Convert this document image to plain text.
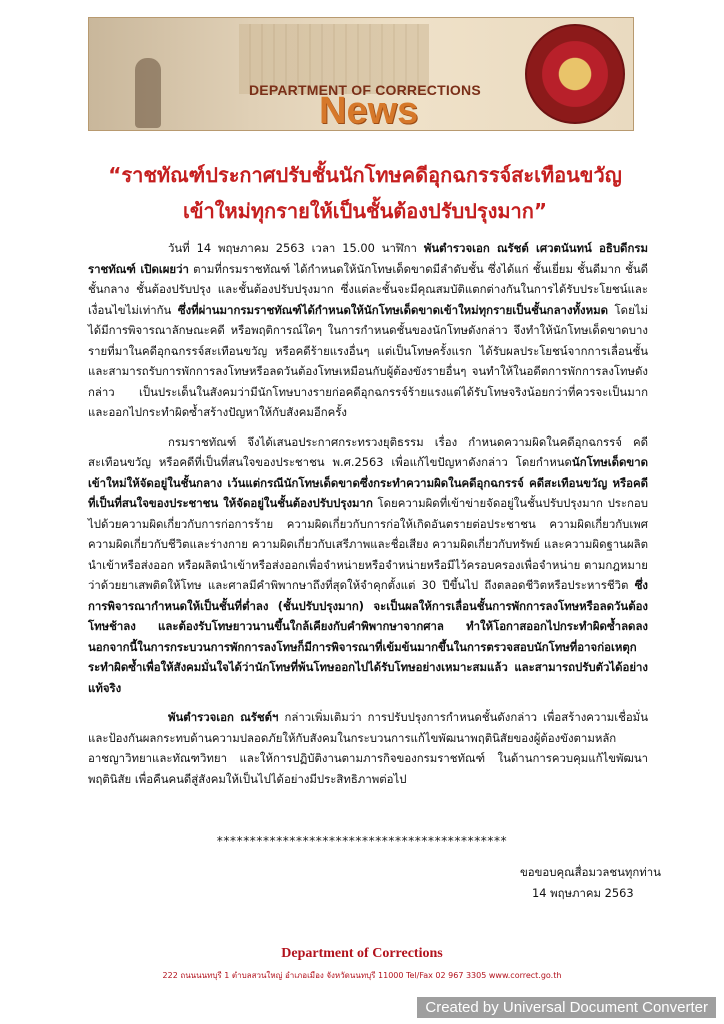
DEPARTMENT OF CORRECTIONS
News
“ราชทัณฑ์ประกาศปรับชั้นนักโทษคดีอุกฉกรรจ์สะเทือนขวัญ
เข้าใหม่ทุกรายให้เป็นชั้นต้องปรับปรุงมาก”

วันที่ 14 พฤษภาคม 2563 เวลา 15.00 นาฬิกา พันตำรวจเอก ณรัชต์ เศวตนันทน์ อธิบดีกรมราชทัณฑ์ เปิดเผยว่า ตามที่กรมราชทัณฑ์ ได้กำหนดให้นักโทษเด็ดขาดมีลำดับชั้น ซึ่งได้แก่ ชั้นเยี่ยม ชั้นดีมาก ชั้นดี ชั้นกลาง ชั้นต้องปรับปรุง และชั้นต้องปรับปรุงมาก ซึ่งแต่ละชั้นจะมีคุณสมบัติแตกต่างกันในการได้รับประโยชน์และเงื่อนไขไม่เท่ากัน ซึ่งที่ผ่านมากรมราชทัณฑ์ได้กำหนดให้นักโทษเด็ดขาดเข้าใหม่ทุกรายเป็นชั้นกลางทั้งหมด โดยไม่ได้มีการพิจารณาลักษณะคดี หรือพฤติการณ์ใดๆ ในการกำหนดชั้นของนักโทษดังกล่าว จึงทำให้นักโทษเด็ดขาดบางรายที่มาในคดีอุกฉกรรจ์สะเทือนขวัญ หรือคดีร้ายแรงอื่นๆ แต่เป็นโทษครั้งแรก ได้รับผลประโยชน์จากการเลื่อนชั้น และสามารถรับการพักการลงโทษหรือลดวันต้องโทษเหมือนกับผู้ต้องขังรายอื่นๆ จนทำให้ในอดีตการพักการลงโทษดังกล่าว เป็นประเด็นในสังคมว่ามีนักโทษบางรายก่อคดีอุกฉกรรจ์ร้ายแรงแต่ได้รับโทษจริงน้อยกว่าที่ควรจะเป็นมาก และออกไปกระทำผิดซ้ำสร้างปัญหาให้กับสังคมอีกครั้ง

กรมราชทัณฑ์ จึงได้เสนอประกาศกระทรวงยุติธรรม เรื่อง กำหนดความผิดในคดีอุกฉกรรจ์ คดีสะเทือนขวัญ หรือคดีที่เป็นที่สนใจของประชาชน พ.ศ.2563 เพื่อแก้ไขปัญหาดังกล่าว โดยกำหนดนักโทษเด็ดขาดเข้าใหม่ให้จัดอยู่ในชั้นกลาง เว้นแต่กรณีนักโทษเด็ดขาดซึ่งกระทำความผิดในคดีอุกฉกรรจ์ คดีสะเทือนขวัญ หรือคดีที่เป็นที่สนใจของประชาชน ให้จัดอยู่ในชั้นต้องปรับปรุงมาก โดยความผิดที่เข้าข่ายจัดอยู่ในชั้นปรับปรุงมาก ประกอบไปด้วยความผิดเกี่ยวกับการก่อการร้าย ความผิดเกี่ยวกับการก่อให้เกิดอันตรายต่อประชาชน ความผิดเกี่ยวกับเพศ ความผิดเกี่ยวกับชีวิตและร่างกาย ความผิดเกี่ยวกับเสรีภาพและชื่อเสียง ความผิดเกี่ยวกับทรัพย์ และความผิดฐานผลิตนำเข้าหรือส่งออก หรือผลิตนำเข้าหรือส่งออกเพื่อจำหน่ายหรือจำหน่ายหรือมีไว้ครอบครองเพื่อจำหน่าย ตามกฎหมายว่าด้วยยาเสพติดให้โทษ และศาลมีคำพิพากษาถึงที่สุดให้จำคุกตั้งแต่ 30 ปีขึ้นไป ถึงตลอดชีวิตหรือประหารชีวิต ซึ่งการพิจารณากำหนดให้เป็นชั้นที่ต่ำลง (ชั้นปรับปรุงมาก) จะเป็นผลให้การเลื่อนชั้นการพักการลงโทษหรือลดวันต้องโทษช้าลง และต้องรับโทษยาวนานขึ้นใกล้เคียงกับคำพิพากษาจากศาล ทำให้โอกาสออกไปกระทำผิดซ้ำลดลง นอกจากนี้ในการกระบวนการพักการลงโทษก็มีการพิจารณาที่เข้มข้นมากขึ้นในการตรวจสอบนักโทษที่อาจก่อเหตุกระทำผิดซ้ำเพื่อให้สังคมมั่นใจได้ว่านักโทษที่พ้นโทษออกไปได้รับโทษอย่างเหมาะสมแล้ว และสามารถปรับตัวได้อย่างแท้จริง

พันตำรวจเอก ณรัชต์ฯ กล่าวเพิ่มเติมว่า การปรับปรุงการกำหนดชั้นดังกล่าว เพื่อสร้างความเชื่อมั่นและป้องกันผลกระทบด้านความปลอดภัยให้กับสังคมในกระบวนการแก้ไขพัฒนาพฤตินิสัยของผู้ต้องขังตามหลักอาชญาวิทยาและทัณฑวิทยา และให้การปฏิบัติงานตามภารกิจของกรมราชทัณฑ์ ในด้านการควบคุมแก้ไขพัฒนาพฤตินิสัย เพื่อคืนคนดีสู่สังคมให้เป็นไปได้อย่างมีประสิทธิภาพต่อไป

********************************************
ขอขอบคุณสื่อมวลชนทุกท่าน
14 พฤษภาคม 2563
Department of Corrections
222 ถนนนนทบุรี 1 ตำบลสวนใหญ่ อำเภอเมือง จังหวัดนนทบุรี 11000 Tel/Fax 02 967 3305 www.correct.go.th
Created by Universal Document Converter
